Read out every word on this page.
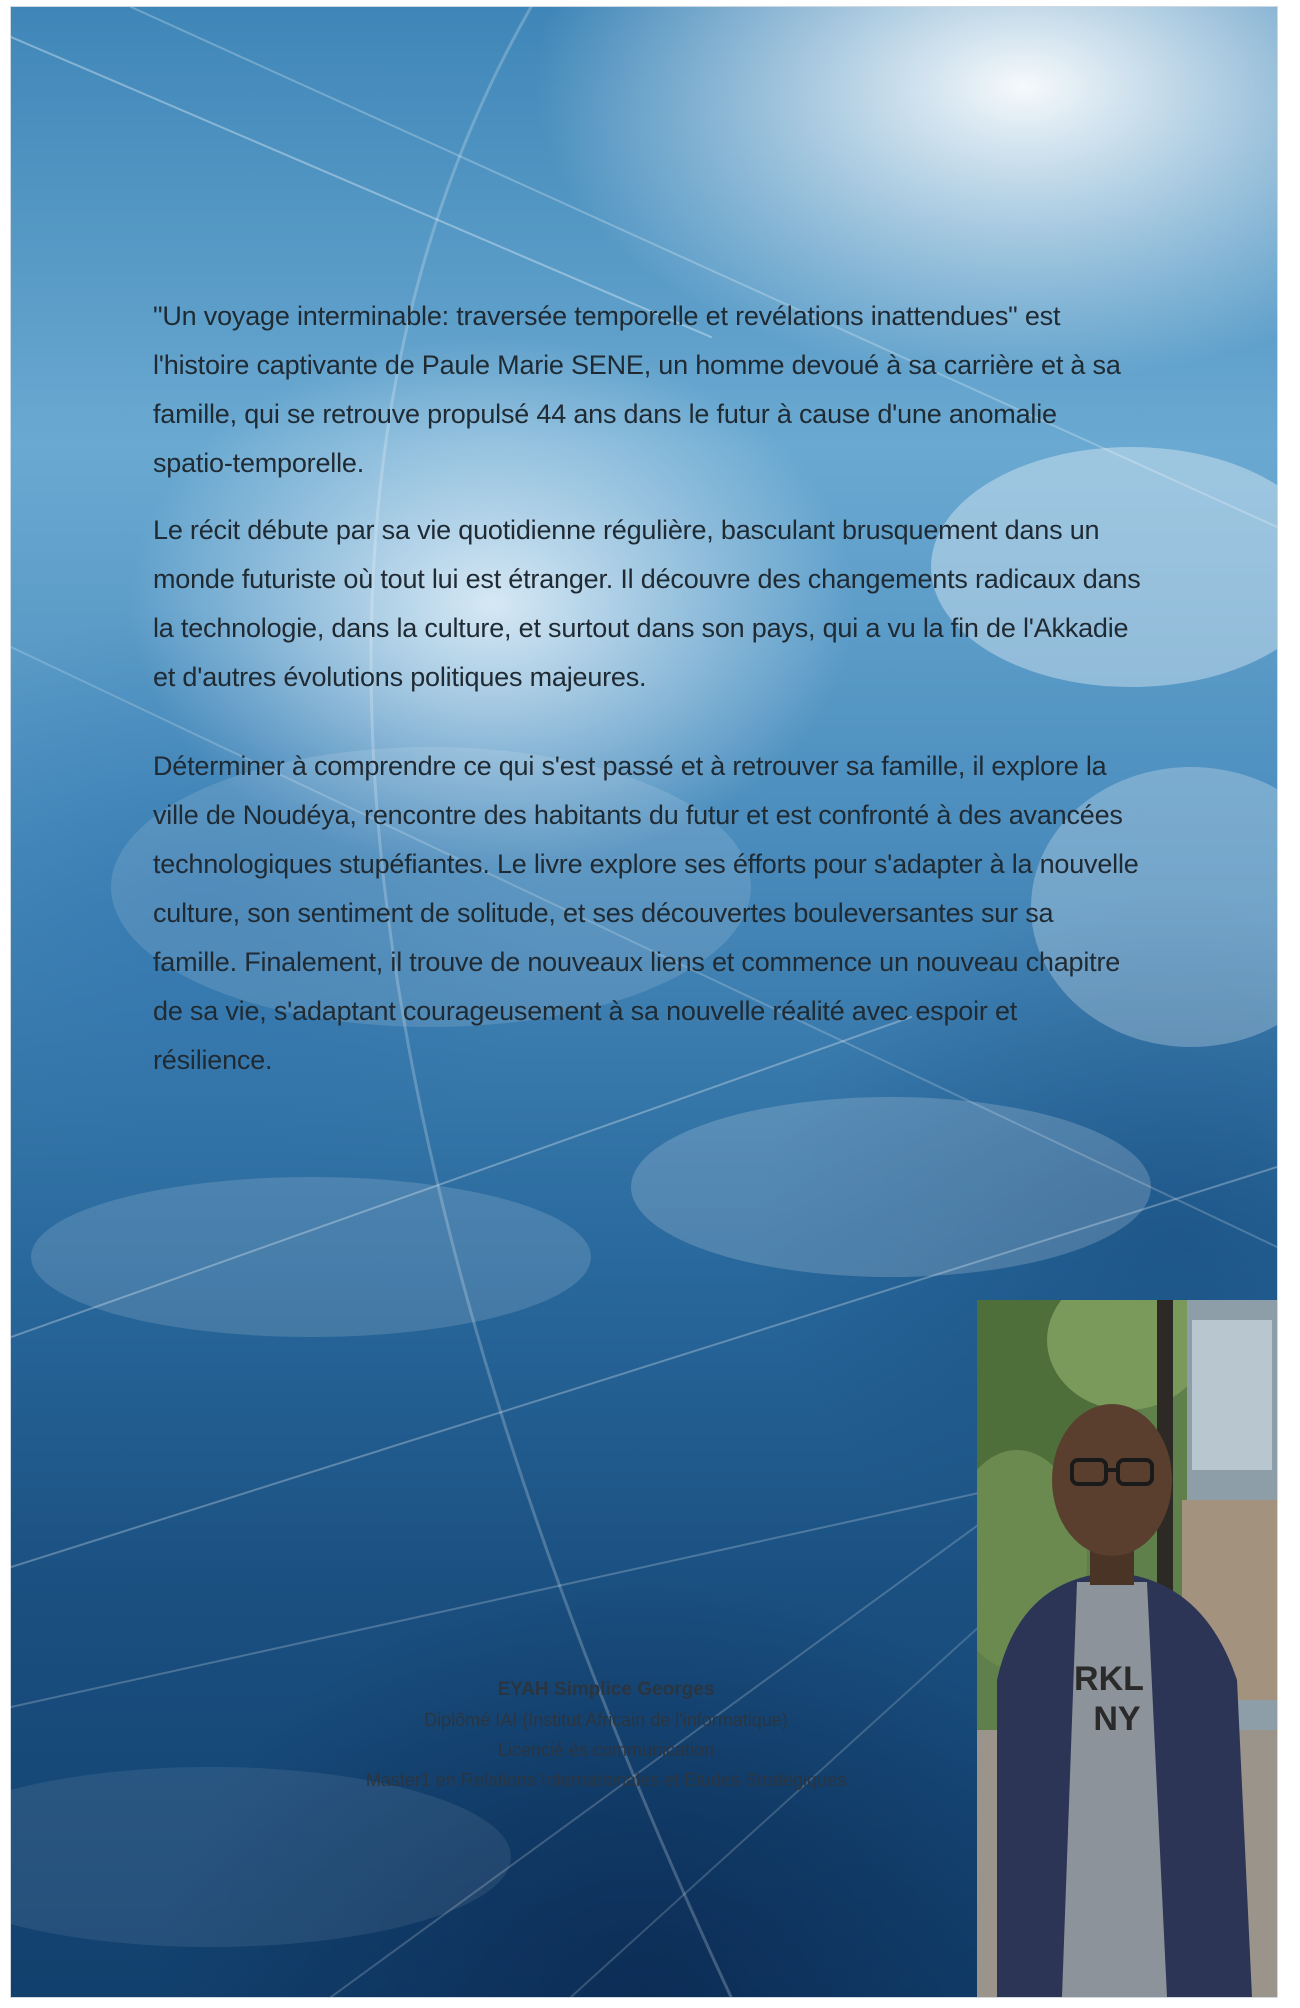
"Un voyage interminable: traversée temporelle et revélations inattendues" est l'histoire captivante de Paule Marie SENE, un homme devoué à sa carrière et à sa famille, qui se retrouve propulsé 44 ans dans le futur à cause d'une anomalie spatio-temporelle.

Le récit débute par sa vie quotidienne régulière, basculant brusquement dans un monde futuriste où tout lui est étranger. Il découvre des changements radicaux dans la technologie, dans la culture, et surtout dans son pays, qui a vu la fin de l'Akkadie et d'autres évolutions politiques majeures.

Déterminer à comprendre ce qui s'est passé et à retrouver sa famille, il explore la ville de Noudéya, rencontre des habitants du futur et est confronté à des avancées technologiques stupéfiantes. Le livre explore ses éfforts pour s'adapter à la nouvelle culture, son sentiment de solitude, et ses découvertes bouleversantes sur sa famille. Finalement, il trouve de nouveaux liens et commence un nouveau chapitre de sa vie, s'adaptant courageusement à sa nouvelle réalité avec espoir et résilience.

EYAH Simplice Georges
Diplômé IAI (Institut Africain de l'informatique)
Licencié ès communication
Master1 en Relations Internationales et Etudes Stratégiques
RKL
NY
